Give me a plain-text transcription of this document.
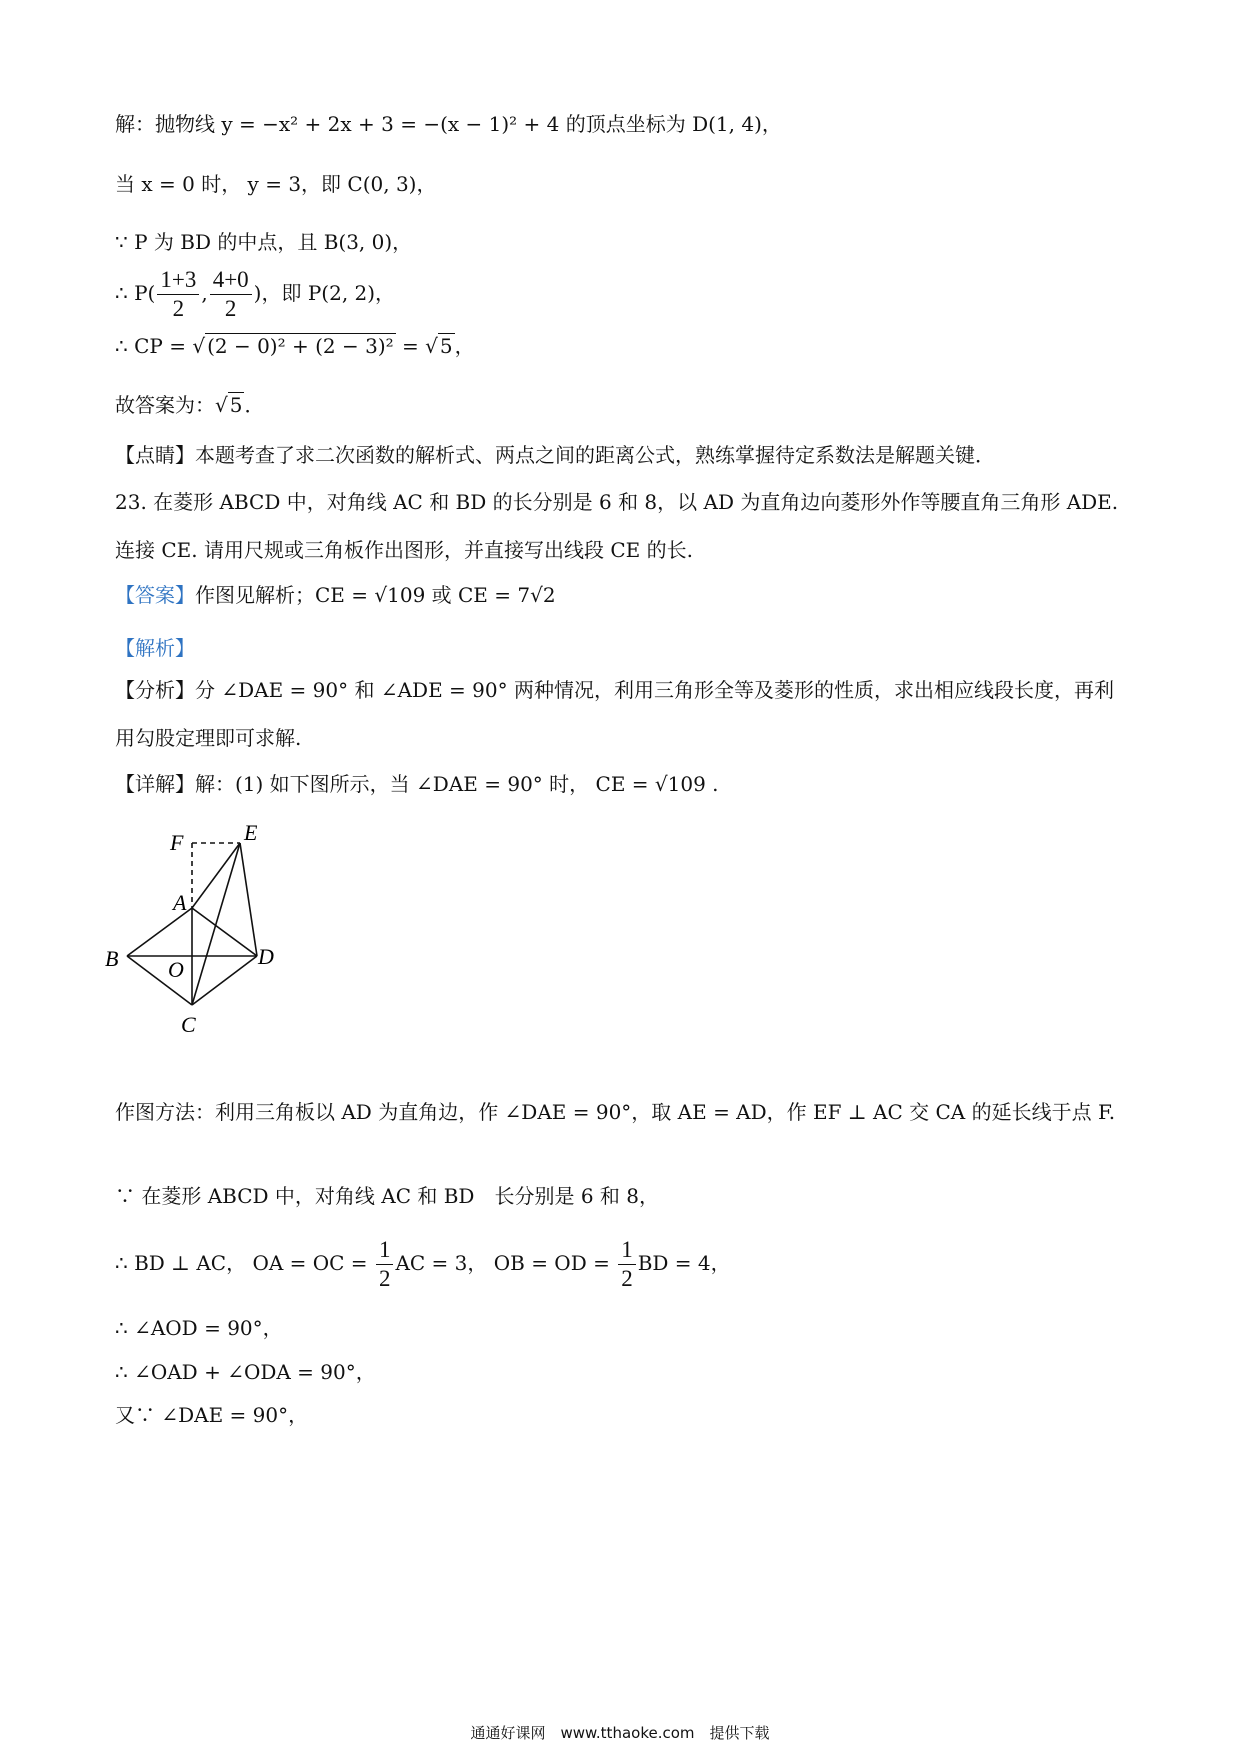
解：抛物线 y = −x² + 2x + 3 = −(x − 1)² + 4 的顶点坐标为 D(1, 4)，
当 x = 0 时， y = 3，即 C(0, 3)，
∵ P 为 BD 的中点，且 B(3, 0)，
∴ $P( \frac{1+3}{2}$ , $\frac{4+0}{2}$ )，即 P(2, 2)，
∴ CP = √ (2 − 0)² + (2 − 3)² = √ 5 ，
故答案为：√ 5 ．
【点睛】本题考查了求二次函数的解析式、两点之间的距离公式，熟练掌握待定系数法是解题关键．
23. 在菱形 ABCD 中，对角线 AC 和 BD 的长分别是 6 和 8，以 AD 为直角边向菱形外作等腰直角三角形 ADE. 连接 CE. 请用尺规或三角板作出图形，并直接写出线段 CE 的长.
【答案】作图见解析；CE = √109 或 CE = 7√2
【解析】
【分析】分 ∠DAE = 90° 和 ∠ADE = 90° 两种情况，利用三角形全等及菱形的性质，求出相应线段长度，再利用勾股定理即可求解.
【详解】解：(1) 如下图所示，当 ∠DAE = 90° 时， CE = √109 .
F	E
A
B O
D
C
作图方法：利用三角板以 AD 为直角边，作 ∠DAE = 90°，取 AE = AD，作 EF ⊥ AC 交 CA 的延长线于点 F.
∵ 在菱形 ABCD 中，对角线 AC 和 BD　长分别是 6 和 8，
∴ BD ⊥ AC， OA = OC = $\frac{1}{2}$ AC = 3， OB = OD = $\frac{1}{2}$ BD = 4，
∴ ∠AOD = 90°，
∴ ∠OAD + ∠ODA = 90°，
又∵ ∠DAE = 90°，
通通好课网　www.tthaoke.com　提供下载
